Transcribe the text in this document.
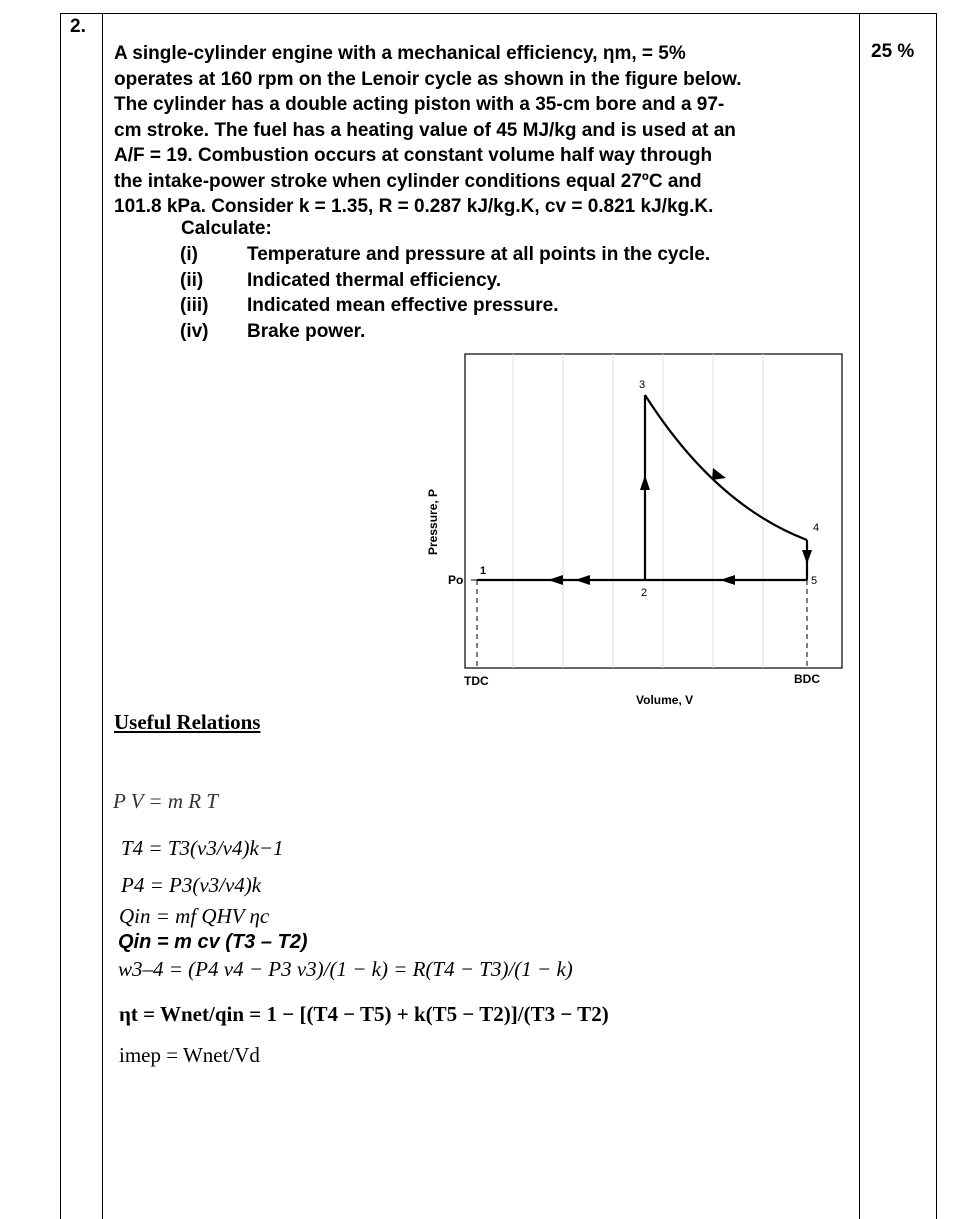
2.
25 %

A single-cylinder engine with a mechanical efficiency, ηm, = 5%

operates at 160 rpm on the Lenoir cycle as shown in the figure below.

The cylinder has a double acting piston with a 35-cm bore and a 97-

cm stroke. The fuel has a heating value of 45 MJ/kg and is used at an

A/F = 19. Combustion occurs at constant volume half way through

the intake-power stroke when cylinder conditions equal 27ºC and

101.8 kPa. Consider k = 1.35, R = 0.287 kJ/kg.K, cv = 0.821 kJ/kg.K.

Calculate:
(i)	Temperature and pressure at all points in the cycle.
(ii) Indicated thermal efficiency.
(iii) Indicated mean effective pressure.
(iv) Brake power.
3
4
5
2
1
Po
TDC	BDC
Volume, V
Pressure, P
Useful Relations
P V = m R T
T4 = T3(v3/v4)k−1
P4 = P3(v3/v4)k
Qin = mf QHV ηc
Qin = m cv (T3 – T2)
w3–4 = (P4 v4 − P3 v3)/(1 − k) = R(T4 − T3)/(1 − k)
ηt = Wnet/qin = 1 − [(T4 − T5) + k(T5 − T2)]/(T3 − T2)
imep = Wnet/Vd
